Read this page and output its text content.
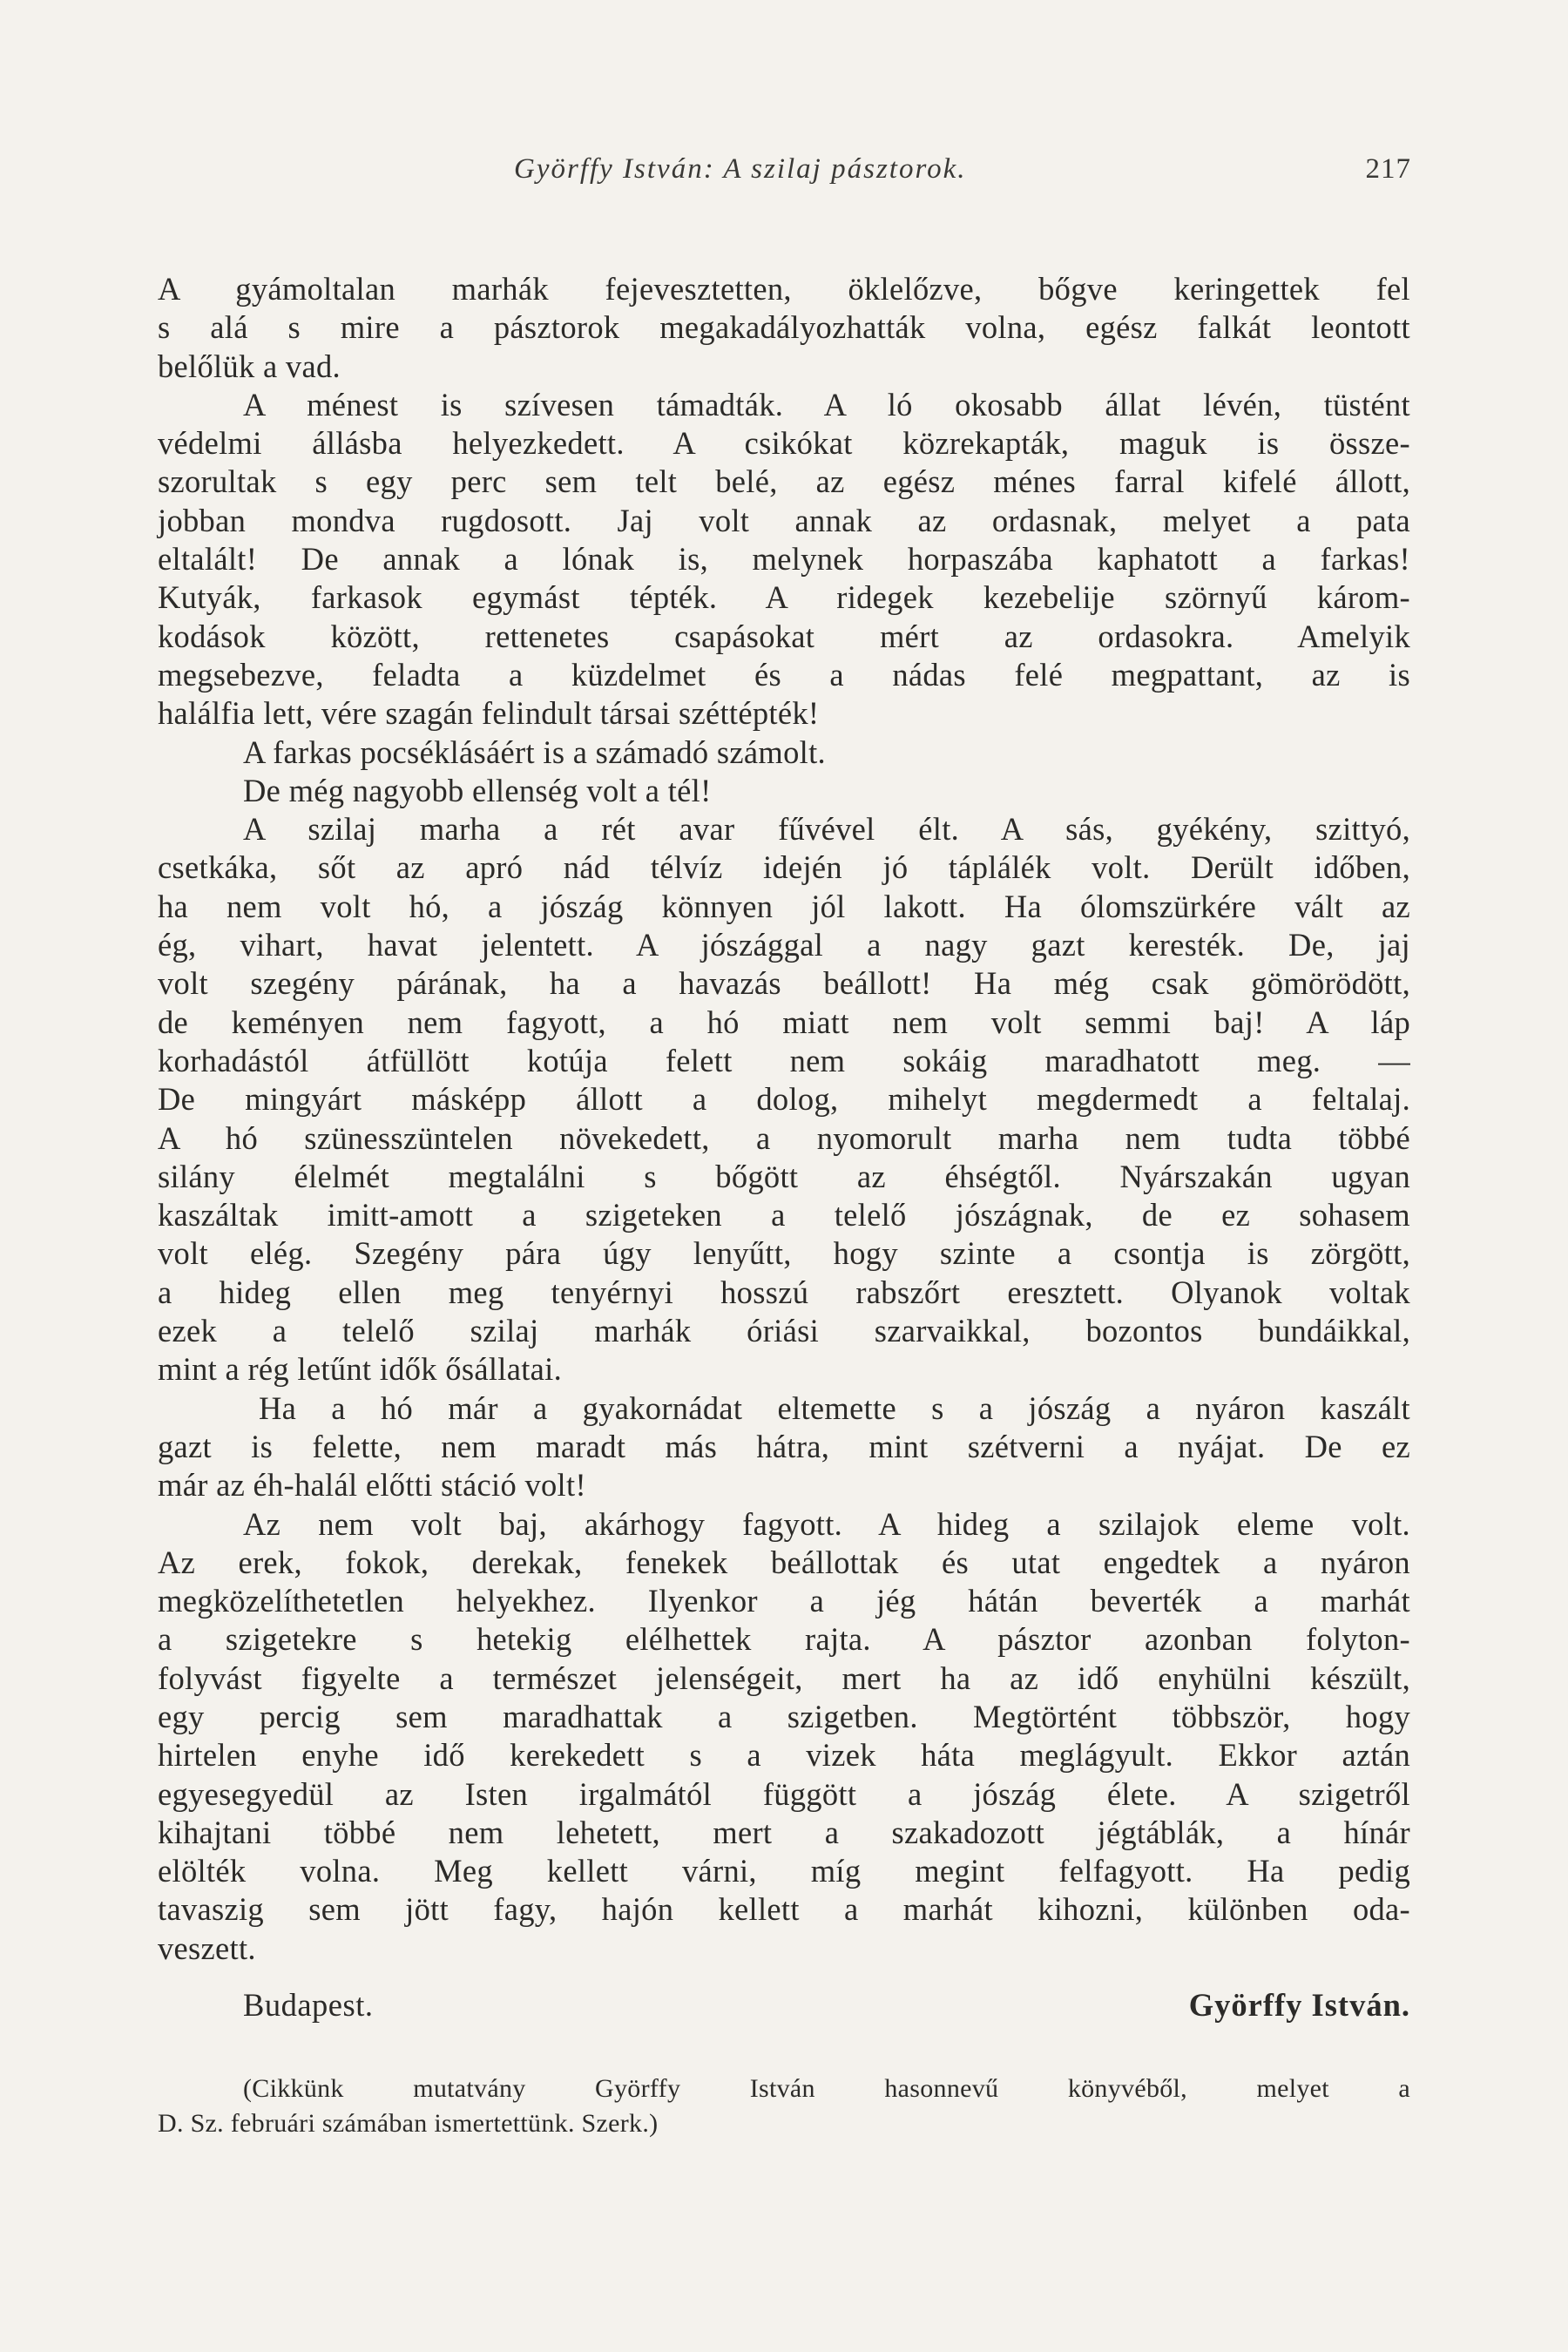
Györffy István: A szilaj pásztorok.	217
A gyámoltalan marhák fejevesztetten, öklelőzve, bőgve keringettek fel
s alá s mire a pásztorok megakadályozhatták volna, egész falkát leontott
belőlük a vad.
A ménest is szívesen támadták. A ló okosabb állat lévén, tüstént
védelmi állásba helyezkedett. A csikókat közrekapták, maguk is össze-
szorultak s egy perc sem telt belé, az egész ménes farral kifelé állott,
jobban mondva rugdosott. Jaj volt annak az ordasnak, melyet a pata
eltalált! De annak a lónak is, melynek horpaszába kaphatott a farkas!
Kutyák, farkasok egymást tépték. A ridegek kezebelije szörnyű károm-
kodások között, rettenetes csapásokat mért az ordasokra. Amelyik
megsebezve, feladta a küzdelmet és a nádas felé megpattant, az is
halálfia lett, vére szagán felindult társai széttépték!
A farkas pocséklásáért is a számadó számolt.
De még nagyobb ellenség volt a tél!
A szilaj marha a rét avar fűvével élt. A sás, gyékény, szittyó,
csetkáka, sőt az apró nád télvíz idején jó táplálék volt. Derült időben,
ha nem volt hó, a jószág könnyen jól lakott. Ha ólomszürkére vált az
ég, vihart, havat jelentett. A jószággal a nagy gazt keresték. De, jaj
volt szegény párának, ha a havazás beállott! Ha még csak gömörödött,
de keményen nem fagyott, a hó miatt nem volt semmi baj! A láp
korhadástól átfüllött kotúja felett nem sokáig maradhatott meg. —
De mingyárt másképp állott a dolog, mihelyt megdermedt a feltalaj.
A hó szünesszüntelen növekedett, a nyomorult marha nem tudta többé
silány élelmét megtalálni s bőgött az éhségtől. Nyárszakán ugyan
kaszáltak imitt-amott a szigeteken a telelő jószágnak, de ez sohasem
volt elég. Szegény pára úgy lenyűtt, hogy szinte a csontja is zörgött,
a hideg ellen meg tenyérnyi hosszú rabszőrt eresztett. Olyanok voltak
ezek a telelő szilaj marhák óriási szarvaikkal, bozontos bundáikkal,
mint a rég letűnt idők ősállatai.
Ha a hó már a gyakornádat eltemette s a jószág a nyáron kaszált
gazt is felette, nem maradt más hátra, mint szétverni a nyájat. De ez
már az éh-halál előtti stáció volt!
Az nem volt baj, akárhogy fagyott. A hideg a szilajok eleme volt.
Az erek, fokok, derekak, fenekek beállottak és utat engedtek a nyáron
megközelíthetetlen helyekhez. Ilyenkor a jég hátán beverték a marhát
a szigetekre s hetekig elélhettek rajta. A pásztor azonban folyton-
folyvást figyelte a természet jelenségeit, mert ha az idő enyhülni készült,
egy percig sem maradhattak a szigetben. Megtörtént többször, hogy
hirtelen enyhe idő kerekedett s a vizek háta meglágyult. Ekkor aztán
egyesegyedül az Isten irgalmától függött a jószág élete. A szigetről
kihajtani többé nem lehetett, mert a szakadozott jégtáblák, a hínár
elölték volna. Meg kellett várni, míg megint felfagyott. Ha pedig
tavaszig sem jött fagy, hajón kellett a marhát kihozni, különben oda-
veszett.
Budapest.	Györffy István.
(Cikkünk mutatvány Györffy István hasonnevű könyvéből, melyet a
D. Sz. februári számában ismertettünk. Szerk.)
